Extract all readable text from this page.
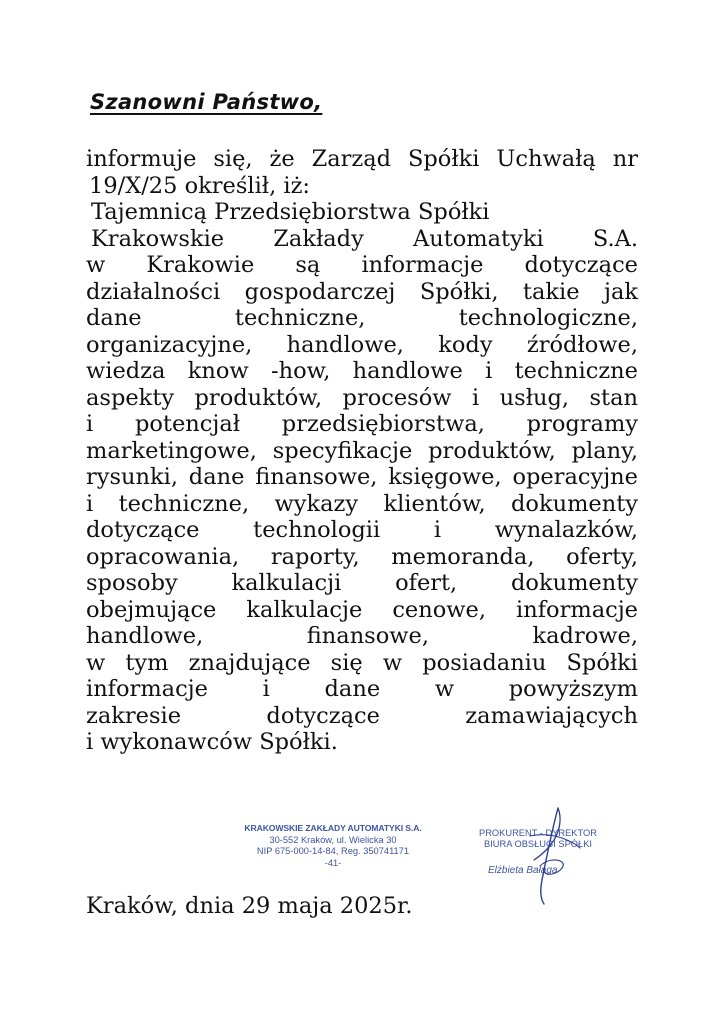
Szanowni Państwo,
informuje się, że Zarząd Spółki Uchwałą nr
19/X/25 określił, iż:
Tajemnicą Przedsiębiorstwa Spółki
Krakowskie Zakłady Automatyki S.A.
w Krakowie są informacje dotyczące
działalności gospodarczej Spółki, takie jak
dane techniczne, technologiczne,
organizacyjne, handlowe, kody źródłowe,
wiedza know -how, handlowe i techniczne
aspekty produktów, procesów i usług, stan
i potencjał przedsiębiorstwa, programy
marketingowe, specyfikacje produktów, plany,
rysunki, dane finansowe, księgowe, operacyjne
i techniczne, wykazy klientów, dokumenty
dotyczące technologii i wynalazków,
opracowania, raporty, memoranda, oferty,
sposoby kalkulacji ofert, dokumenty
obejmujące kalkulacje cenowe, informacje
handlowe, finansowe, kadrowe,
w tym znajdujące się w posiadaniu Spółki
informacje i dane w powyższym
zakresie dotyczące zamawiających
i wykonawców Spółki.
KRAKOWSKIE ZAKŁADY AUTOMATYKI S.A.
30-552 Kraków, ul. Wielicka 30
NIP 675-000-14-84, Reg. 350741171
-41-
PROKURENT - DYREKTOR
BIURA OBSŁUGI SPÓŁKI
Elżbieta Bałaga
Kraków, dnia 29 maja 2025r.
